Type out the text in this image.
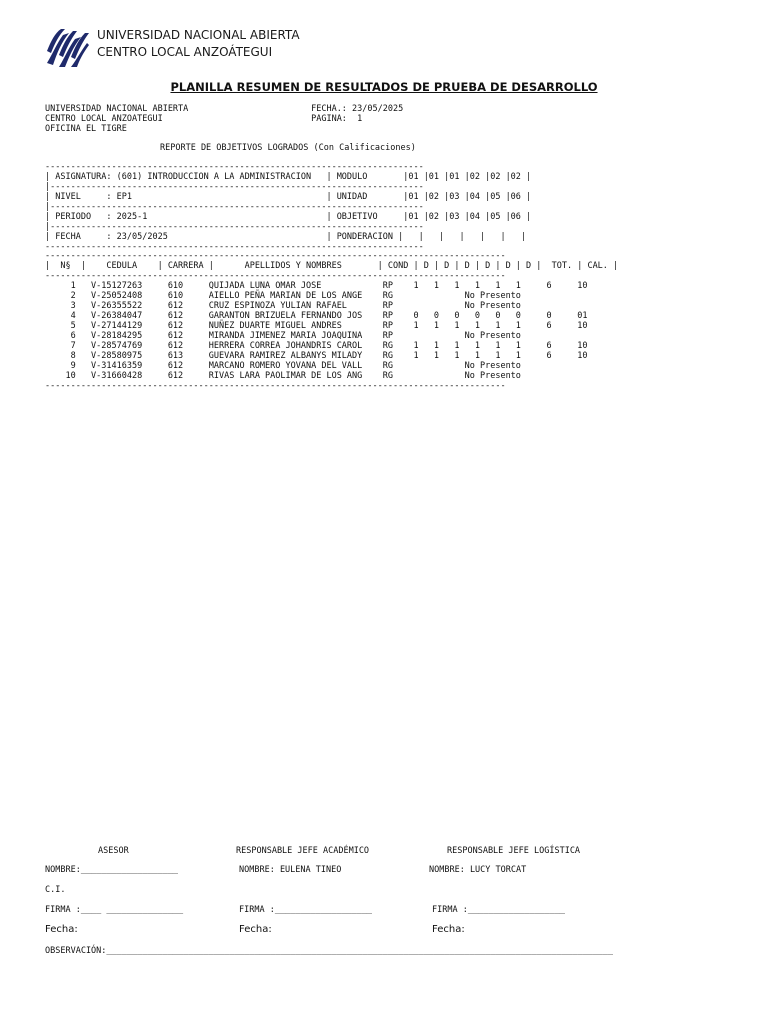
UNIVERSIDAD NACIONAL ABIERTA
CENTRO LOCAL ANZOÁTEGUI
PLANILLA RESUMEN DE RESULTADOS DE PRUEBA DE DESARROLLO
UNIVERSIDAD NACIONAL ABIERTA                        FECHA.: 23/05/2025
CENTRO LOCAL ANZOATEGUI                             PAGINA:  1
OFICINA EL TIGRE
REPORTE DE OBJETIVOS LOGRADOS (Con Calificaciones)
--------------------------------------------------------------------------
| ASIGNATURA: (601) INTRODUCCION A LA ADMINISTRACION   | MODULO       |01 |01 |01 |02 |02 |02 |
|-------------------------------------------------------------------------
| NIVEL     : EP1                                      | UNIDAD       |01 |02 |03 |04 |05 |06 |
|-------------------------------------------------------------------------
| PERIODO   : 2025-1                                   | OBJETIVO     |01 |02 |03 |04 |05 |06 |
|-------------------------------------------------------------------------
| FECHA     : 23/05/2025                               | PONDERACION |   |   |   |   |   |   |
--------------------------------------------------------------------------
------------------------------------------------------------------------------------------
|  N§  |    CEDULA    | CARRERA |      APELLIDOS Y NOMBRES       | COND | D | D | D | D | D | D |  TOT. | CAL. |
------------------------------------------------------------------------------------------
1   V-15127263     610     QUIJADA LUNA OMAR JOSE            RP    1   1   1   1   1   1     6     10
2   V-25052408     610     AIELLO PEÑA MARIAN DE LOS ANGE    RG              No Presento
3   V-26355522     612     CRUZ ESPINOZA YULIAN RAFAEL       RP              No Presento
4   V-26384047     612     GARANTON BRIZUELA FERNANDO JOS    RP    0   0   0   0   0   0     0     01
5   V-27144129     612     NUÑEZ DUARTE MIGUEL ANDRES        RP    1   1   1   1   1   1     6     10
6   V-28184295     612     MIRANDA JIMENEZ MARIA JOAQUINA    RP              No Presento
7   V-28574769     612     HERRERA CORREA JOHANDRIS CAROL    RG    1   1   1   1   1   1     6     10
8   V-28580975     613     GUEVARA RAMIREZ ALBANYS MILADY    RG    1   1   1   1   1   1     6     10
9   V-31416359     612     MARCANO ROMERO YOVANA DEL VALL    RG              No Presento
10   V-31660428     612     RIVAS LARA PAOLIMAR DE LOS ANG    RG              No Presento
------------------------------------------------------------------------------------------
ASESOR	RESPONSABLE JEFE ACADÉMICO	RESPONSABLE JEFE LOGÍSTICA
NOMBRE:___________________	NOMBRE: EULENA TINEO	NOMBRE: LUCY TORCAT
C.I.
FIRMA :____ _______________	FIRMA :___________________	FIRMA :___________________
Fecha:	Fecha:	Fecha:
OBSERVACIÓN:___________________________________________________________________________________________________
